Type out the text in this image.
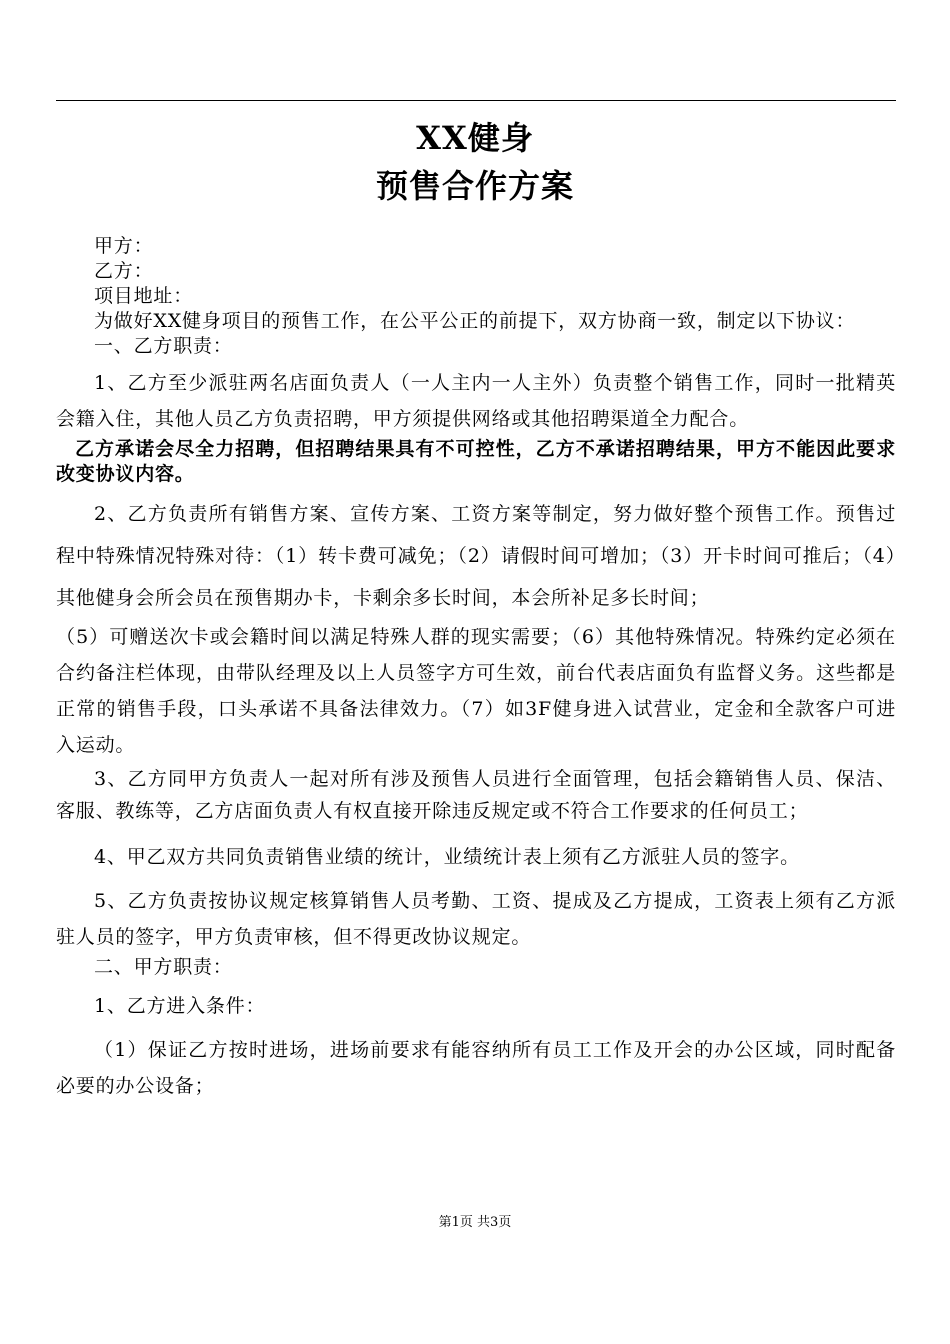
XX健身
预售合作方案

甲方：

乙方：

项目地址：

为做好XX健身项目的预售工作，在公平公正的前提下，双方协商一致，制定以下协议：

一、乙方职责：

1、乙方至少派驻两名店面负责人（一人主内一人主外）负责整个销售工作，同时一批精英会籍入住，其他人员乙方负责招聘，甲方须提供网络或其他招聘渠道全力配合。

乙方承诺会尽全力招聘，但招聘结果具有不可控性，乙方不承诺招聘结果，甲方不能因此要求改变协议内容。

2、乙方负责所有销售方案、宣传方案、工资方案等制定，努力做好整个预售工作。预售过程中特殊情况特殊对待：（1）转卡费可减免；（2）请假时间可增加；（3）开卡时间可推后；（4）其他健身会所会员在预售期办卡，卡剩余多长时间，本会所补足多长时间；

（5）可赠送次卡或会籍时间以满足特殊人群的现实需要；（6）其他特殊情况。特殊约定必须在合约备注栏体现，由带队经理及以上人员签字方可生效，前台代表店面负有监督义务。这些都是正常的销售手段，口头承诺不具备法律效力。（7）如3F健身进入试营业，定金和全款客户可进入运动。

3、乙方同甲方负责人一起对所有涉及预售人员进行全面管理，包括会籍销售人员、保洁、客服、教练等，乙方店面负责人有权直接开除违反规定或不符合工作要求的任何员工；

4、甲乙双方共同负责销售业绩的统计，业绩统计表上须有乙方派驻人员的签字。

5、乙方负责按协议规定核算销售人员考勤、工资、提成及乙方提成，工资表上须有乙方派驻人员的签字，甲方负责审核，但不得更改协议规定。

二、甲方职责：

1、乙方进入条件：

（1）保证乙方按时进场，进场前要求有能容纳所有员工工作及开会的办公区域，同时配备必要的办公设备；

第1页 共3页
